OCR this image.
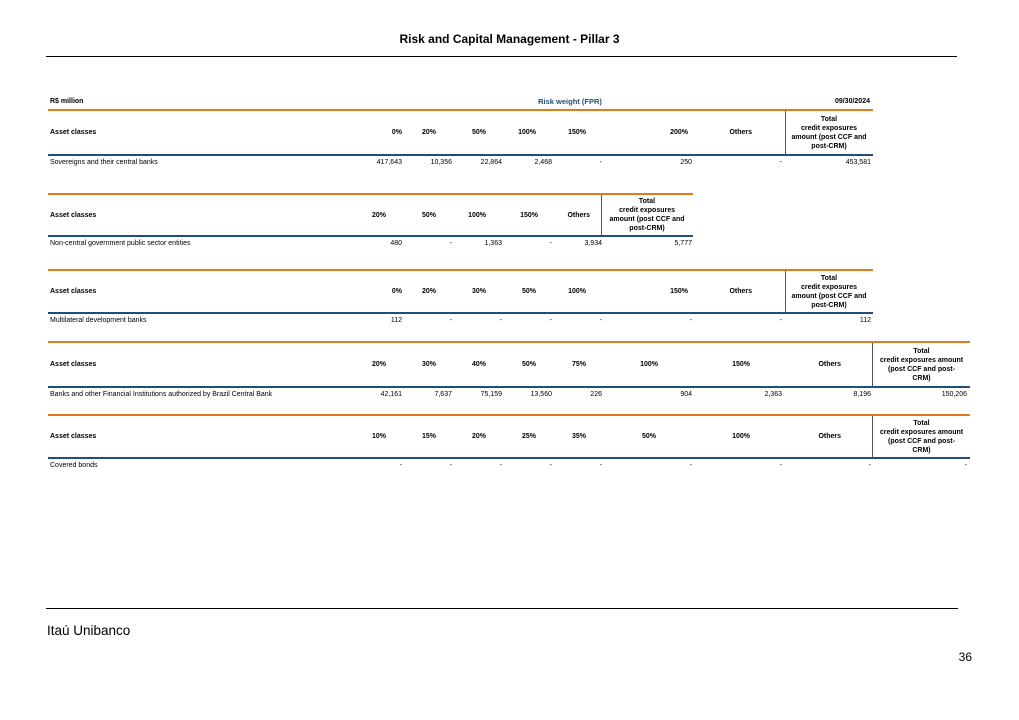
Risk and Capital Management - Pillar 3
R$ million	Risk weight (FPR)	09/30/2024
Asset classes	0%	20%	50%	100%	150%	200%	Others
Total
credit exposures
amount (post CCF and
post-CRM)
Sovereigns and their central banks	417,643	10,356	22,864	2,468	-	250	-	453,581
Asset classes	20%	50%	100%	150%	Others
Total
credit exposures
amount (post CCF and
post-CRM)
Non-central government public sector entities	480	-	1,363	-	3,934	5,777
Asset classes	0%	20%	30%	50%	100%	150%	Others
Total
credit exposures
amount (post CCF and
post-CRM)
Multilateral development banks	112	-	-	-	-	-	-	112
Asset classes	20%	30%	40%	50%	75%	100%	150%	Others
Total
credit exposures amount
(post CCF and post-
CRM)
Banks and other Financial Institutions authorized by Brazil Central Bank	42,161	7,637	75,159	13,560	226	904	2,363	8,196	150,206
Asset classes	10%	15%	20%	25%	35%	50%	100%	Others
Total
credit exposures amount
(post CCF and post-
CRM)
Covered bonds	-	-	-	-	-	-	-	-	-
Itaú Unibanco
36
